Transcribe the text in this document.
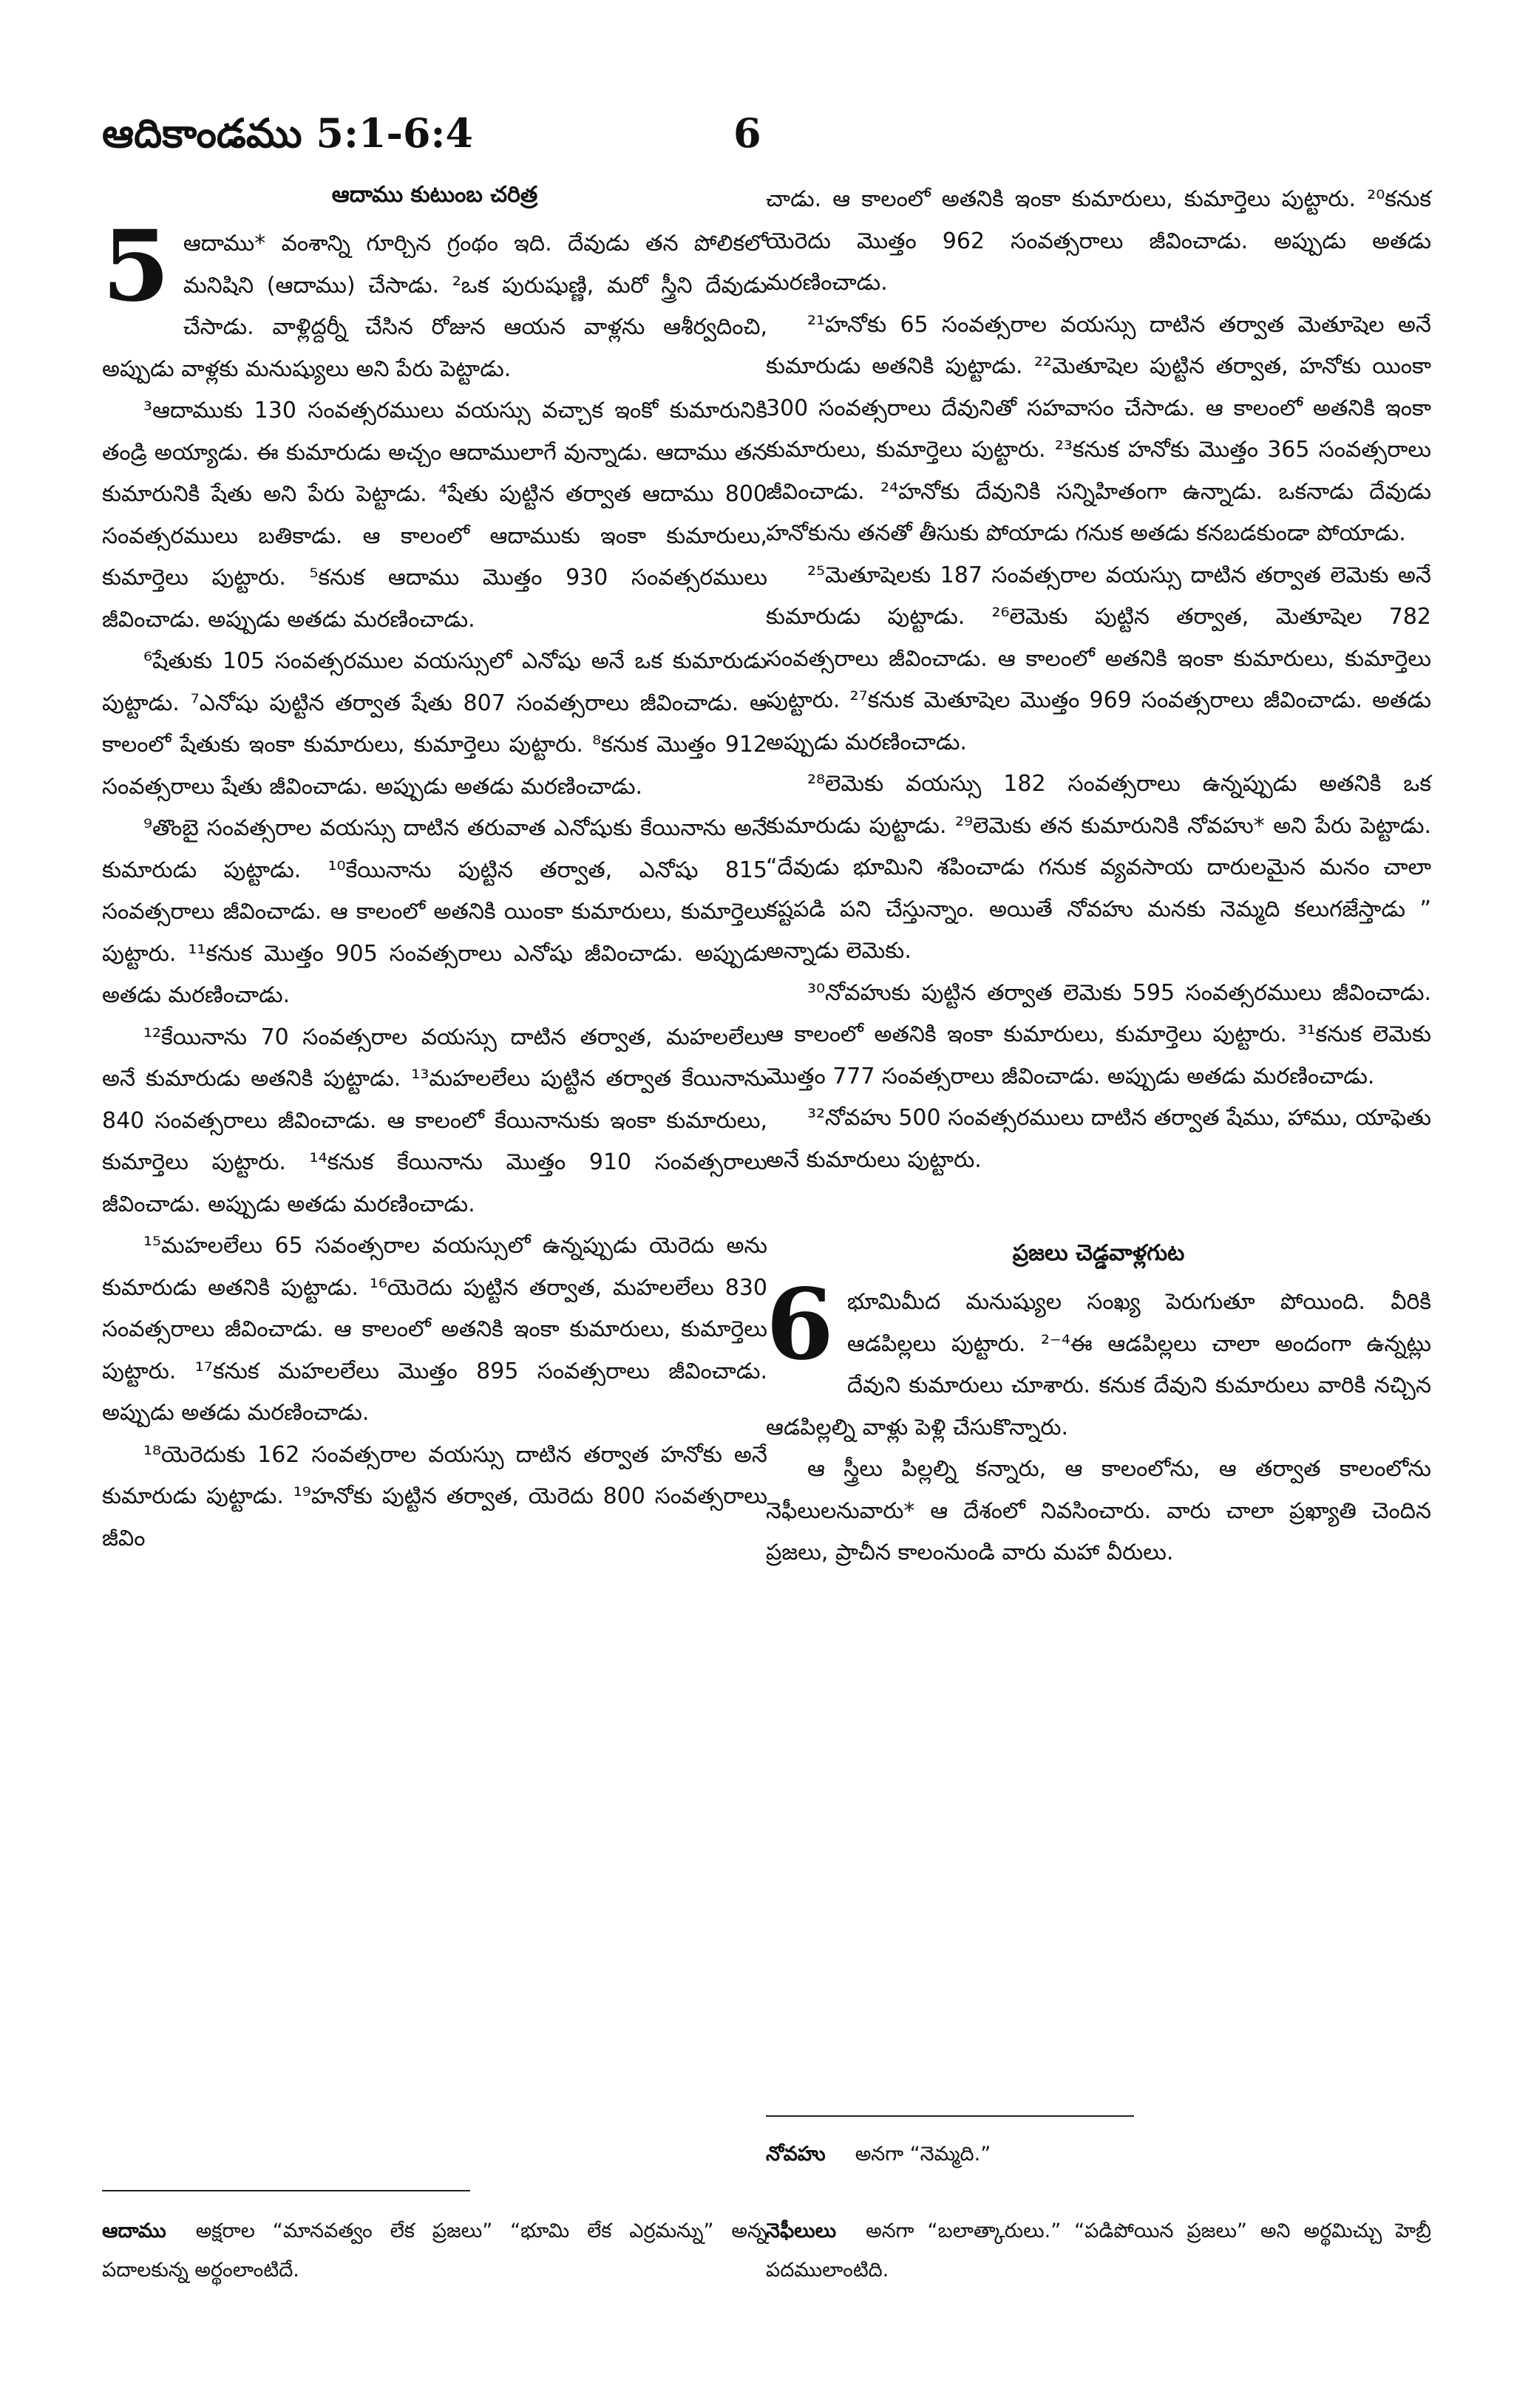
ఆదికాండము 5:1-6:4	6
ఆదాము కుటుంబ చరిత్ర

5 ఆదాము* వంశాన్ని గూర్చిన గ్రంథం ఇది. దేవుడు తన పోలికలో మనిషిని (ఆదాము) చేసాడు. ²ఒక పురుషుణ్ణి, మరో స్త్రీని దేవుడు చేసాడు. వాళ్లిద్దర్నీ చేసిన రోజున ఆయన వాళ్లను ఆశీర్వదించి, అప్పుడు వాళ్లకు మనుష్యులు అని పేరు పెట్టాడు.

³ఆదాముకు 130 సంవత్సరములు వయస్సు వచ్చాక ఇంకో కుమారునికి తండ్రి అయ్యాడు. ఈ కుమారుడు అచ్చం ఆదాములాగే వున్నాడు. ఆదాము తన కుమారునికి షేతు అని పేరు పెట్టాడు. ⁴షేతు పుట్టిన తర్వాత ఆదాము 800 సంవత్సరములు బతికాడు. ఆ కాలంలో ఆదాముకు ఇంకా కుమారులు, కుమార్తెలు పుట్టారు. ⁵కనుక ఆదాము మొత్తం 930 సంవత్సరములు జీవించాడు. అప్పుడు అతడు మరణించాడు.

⁶షేతుకు 105 సంవత్సరముల వయస్సులో ఎనోషు అనే ఒక కుమారుడు పుట్టాడు. ⁷ఎనోషు పుట్టిన తర్వాత షేతు 807 సంవత్సరాలు జీవించాడు. ఆ కాలంలో షేతుకు ఇంకా కుమారులు, కుమార్తెలు పుట్టారు. ⁸కనుక మొత్తం 912 సంవత్సరాలు షేతు జీవించాడు. అప్పుడు అతడు మరణించాడు.

⁹తొంబై సంవత్సరాల వయస్సు దాటిన తరువాత ఎనోషుకు కేయినాను అనే కుమారుడు పుట్టాడు. ¹⁰కేయినాను పుట్టిన తర్వాత, ఎనోషు 815 సంవత్సరాలు జీవించాడు. ఆ కాలంలో అతనికి యింకా కుమారులు, కుమార్తెలు పుట్టారు. ¹¹కనుక మొత్తం 905 సంవత్సరాలు ఎనోషు జీవించాడు. అప్పుడు అతడు మరణించాడు.

¹²కేయినాను 70 సంవత్సరాల వయస్సు దాటిన తర్వాత, మహలలేలు అనే కుమారుడు అతనికి పుట్టాడు. ¹³మహలలేలు పుట్టిన తర్వాత కేయినాను 840 సంవత్సరాలు జీవించాడు. ఆ కాలంలో కేయినానుకు ఇంకా కుమారులు, కుమార్తెలు పుట్టారు. ¹⁴కనుక కేయినాను మొత్తం 910 సంవత్సరాలు జీవించాడు. అప్పుడు అతడు మరణించాడు.

¹⁵మహలలేలు 65 సవంత్సరాల వయస్సులో ఉన్నప్పుడు యెరెదు అను కుమారుడు అతనికి పుట్టాడు. ¹⁶యెరెదు పుట్టిన తర్వాత, మహలలేలు 830 సంవత్సరాలు జీవించాడు. ఆ కాలంలో అతనికి ఇంకా కుమారులు, కుమార్తెలు పుట్టారు. ¹⁷కనుక మహలలేలు మొత్తం 895 సంవత్సరాలు జీవించాడు. అప్పుడు అతడు మరణించాడు.

¹⁸యెరెదుకు 162 సంవత్సరాల వయస్సు దాటిన తర్వాత హనోకు అనే కుమారుడు పుట్టాడు. ¹⁹హనోకు పుట్టిన తర్వాత, యెరెదు 800 సంవత్సరాలు జీవిం

చాడు. ఆ కాలంలో అతనికి ఇంకా కుమారులు, కుమార్తెలు పుట్టారు. ²⁰కనుక యెరెదు మొత్తం 962 సంవత్సరాలు జీవించాడు. అప్పుడు అతడు మరణించాడు.

²¹హనోకు 65 సంవత్సరాల వయస్సు దాటిన తర్వాత మెతూషెల అనే కుమారుడు అతనికి పుట్టాడు. ²²మెతూషెల పుట్టిన తర్వాత, హనోకు యింకా 300 సంవత్సరాలు దేవునితో సహవాసం చేసాడు. ఆ కాలంలో అతనికి ఇంకా కుమారులు, కుమార్తెలు పుట్టారు. ²³కనుక హనోకు మొత్తం 365 సంవత్సరాలు జీవించాడు. ²⁴హనోకు దేవునికి సన్నిహితంగా ఉన్నాడు. ఒకనాడు దేవుడు హనోకును తనతో తీసుకు పోయాడు గనుక అతడు కనబడకుండా పోయాడు.

²⁵మెతూషెలకు 187 సంవత్సరాల వయస్సు దాటిన తర్వాత లెమెకు అనే కుమారుడు పుట్టాడు. ²⁶లెమెకు పుట్టిన తర్వాత, మెతూషెల 782 సంవత్సరాలు జీవించాడు. ఆ కాలంలో అతనికి ఇంకా కుమారులు, కుమార్తెలు పుట్టారు. ²⁷కనుక మెతూషెల మొత్తం 969 సంవత్సరాలు జీవించాడు. అతడు అప్పుడు మరణించాడు.

²⁸లెమెకు వయస్సు 182 సంవత్సరాలు ఉన్నప్పుడు అతనికి ఒక కుమారుడు పుట్టాడు. ²⁹లెమెకు తన కుమారునికి నోవహు* అని పేరు పెట్టాడు. “దేవుడు భూమిని శపించాడు గనుక వ్యవసాయ దారులమైన మనం చాలా కష్టపడి పని చేస్తున్నాం. అయితే నోవహు మనకు నెమ్మది కలుగజేస్తాడు ” అన్నాడు లెమెకు.

³⁰నోవహుకు పుట్టిన తర్వాత లెమెకు 595 సంవత్సరములు జీవించాడు. ఆ కాలంలో అతనికి ఇంకా కుమారులు, కుమార్తెలు పుట్టారు. ³¹కనుక లెమెకు మొత్తం 777 సంవత్సరాలు జీవించాడు. అప్పుడు అతడు మరణించాడు.

³²నోవహు 500 సంవత్సరములు దాటిన తర్వాత షేము, హాము, యాఫెతు అనే కుమారులు పుట్టారు.

ప్రజలు చెడ్డవాళ్లగుట

6 భూమిమీద మనుష్యుల సంఖ్య పెరుగుతూ పోయింది. వీరికి ఆడపిల్లలు పుట్టారు. ²⁻⁴ఈ ఆడపిల్లలు చాలా అందంగా ఉన్నట్లు దేవుని కుమారులు చూశారు. కనుక దేవుని కుమారులు వారికి నచ్చిన ఆడపిల్లల్ని వాళ్లు పెళ్లి చేసుకొన్నారు.

ఆ స్త్రీలు పిల్లల్ని కన్నారు, ఆ కాలంలోను, ఆ తర్వాత కాలంలోను నెఫీలులనువారు* ఆ దేశంలో నివసించారు. వారు చాలా ప్రఖ్యాతి చెందిన ప్రజలు, ప్రాచీన కాలంనుండి వారు మహా వీరులు.

ఆదాము అక్షరాల “మానవత్వం లేక ప్రజలు” “భూమి లేక ఎర్రమన్ను” అన్న పదాలకున్న అర్థంలాంటిదే.

నోవహు అనగా “నెమ్మది.”

నెఫీలులు అనగా “బలాత్కారులు.” “పడిపోయిన ప్రజలు” అని అర్థమిచ్చు హెబ్రీ పదములాంటిది.
